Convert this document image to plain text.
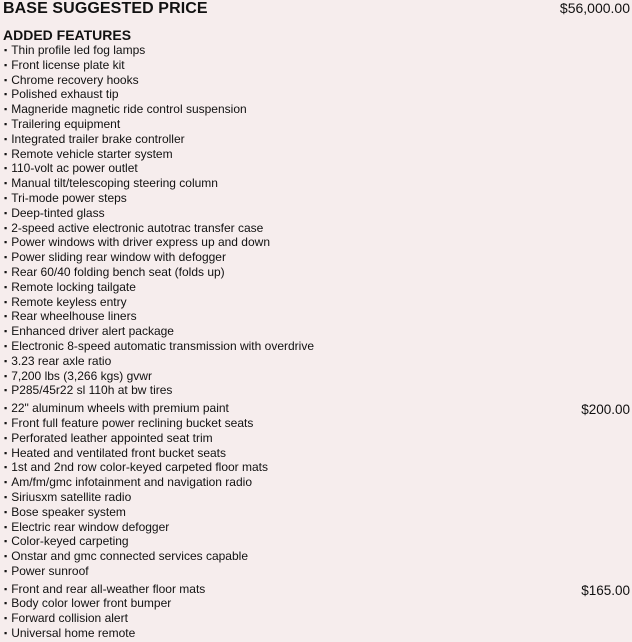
BASE SUGGESTED PRICE	$56,000.00
ADDED FEATURES
▪ Thin profile led fog lamps
▪ Front license plate kit
▪ Chrome recovery hooks
▪ Polished exhaust tip
▪ Magneride magnetic ride control suspension
▪ Trailering equipment
▪ Integrated trailer brake controller
▪ Remote vehicle starter system
▪ 110-volt ac power outlet
▪ Manual tilt/telescoping steering column
▪ Tri-mode power steps
▪ Deep-tinted glass
▪ 2-speed active electronic autotrac transfer case
▪ Power windows with driver express up and down
▪ Power sliding rear window with defogger
▪ Rear 60/40 folding bench seat (folds up)
▪ Remote locking tailgate
▪ Remote keyless entry
▪ Rear wheelhouse liners
▪ Enhanced driver alert package
▪ Electronic 8-speed automatic transmission with overdrive
▪ 3.23 rear axle ratio
▪ 7,200 lbs (3,266 kgs) gvwr
▪ P285/45r22 sl 110h at bw tires
▪ 22" aluminum wheels with premium paint	$200.00
▪ Front full feature power reclining bucket seats
▪ Perforated leather appointed seat trim
▪ Heated and ventilated front bucket seats
▪ 1st and 2nd row color-keyed carpeted floor mats
▪ Am/fm/gmc infotainment and navigation radio
▪ Siriusxm satellite radio
▪ Bose speaker system
▪ Electric rear window defogger
▪ Color-keyed carpeting
▪ Onstar and gmc connected services capable
▪ Power sunroof
▪ Front and rear all-weather floor mats	$165.00
▪ Body color lower front bumper
▪ Forward collision alert
▪ Universal home remote
